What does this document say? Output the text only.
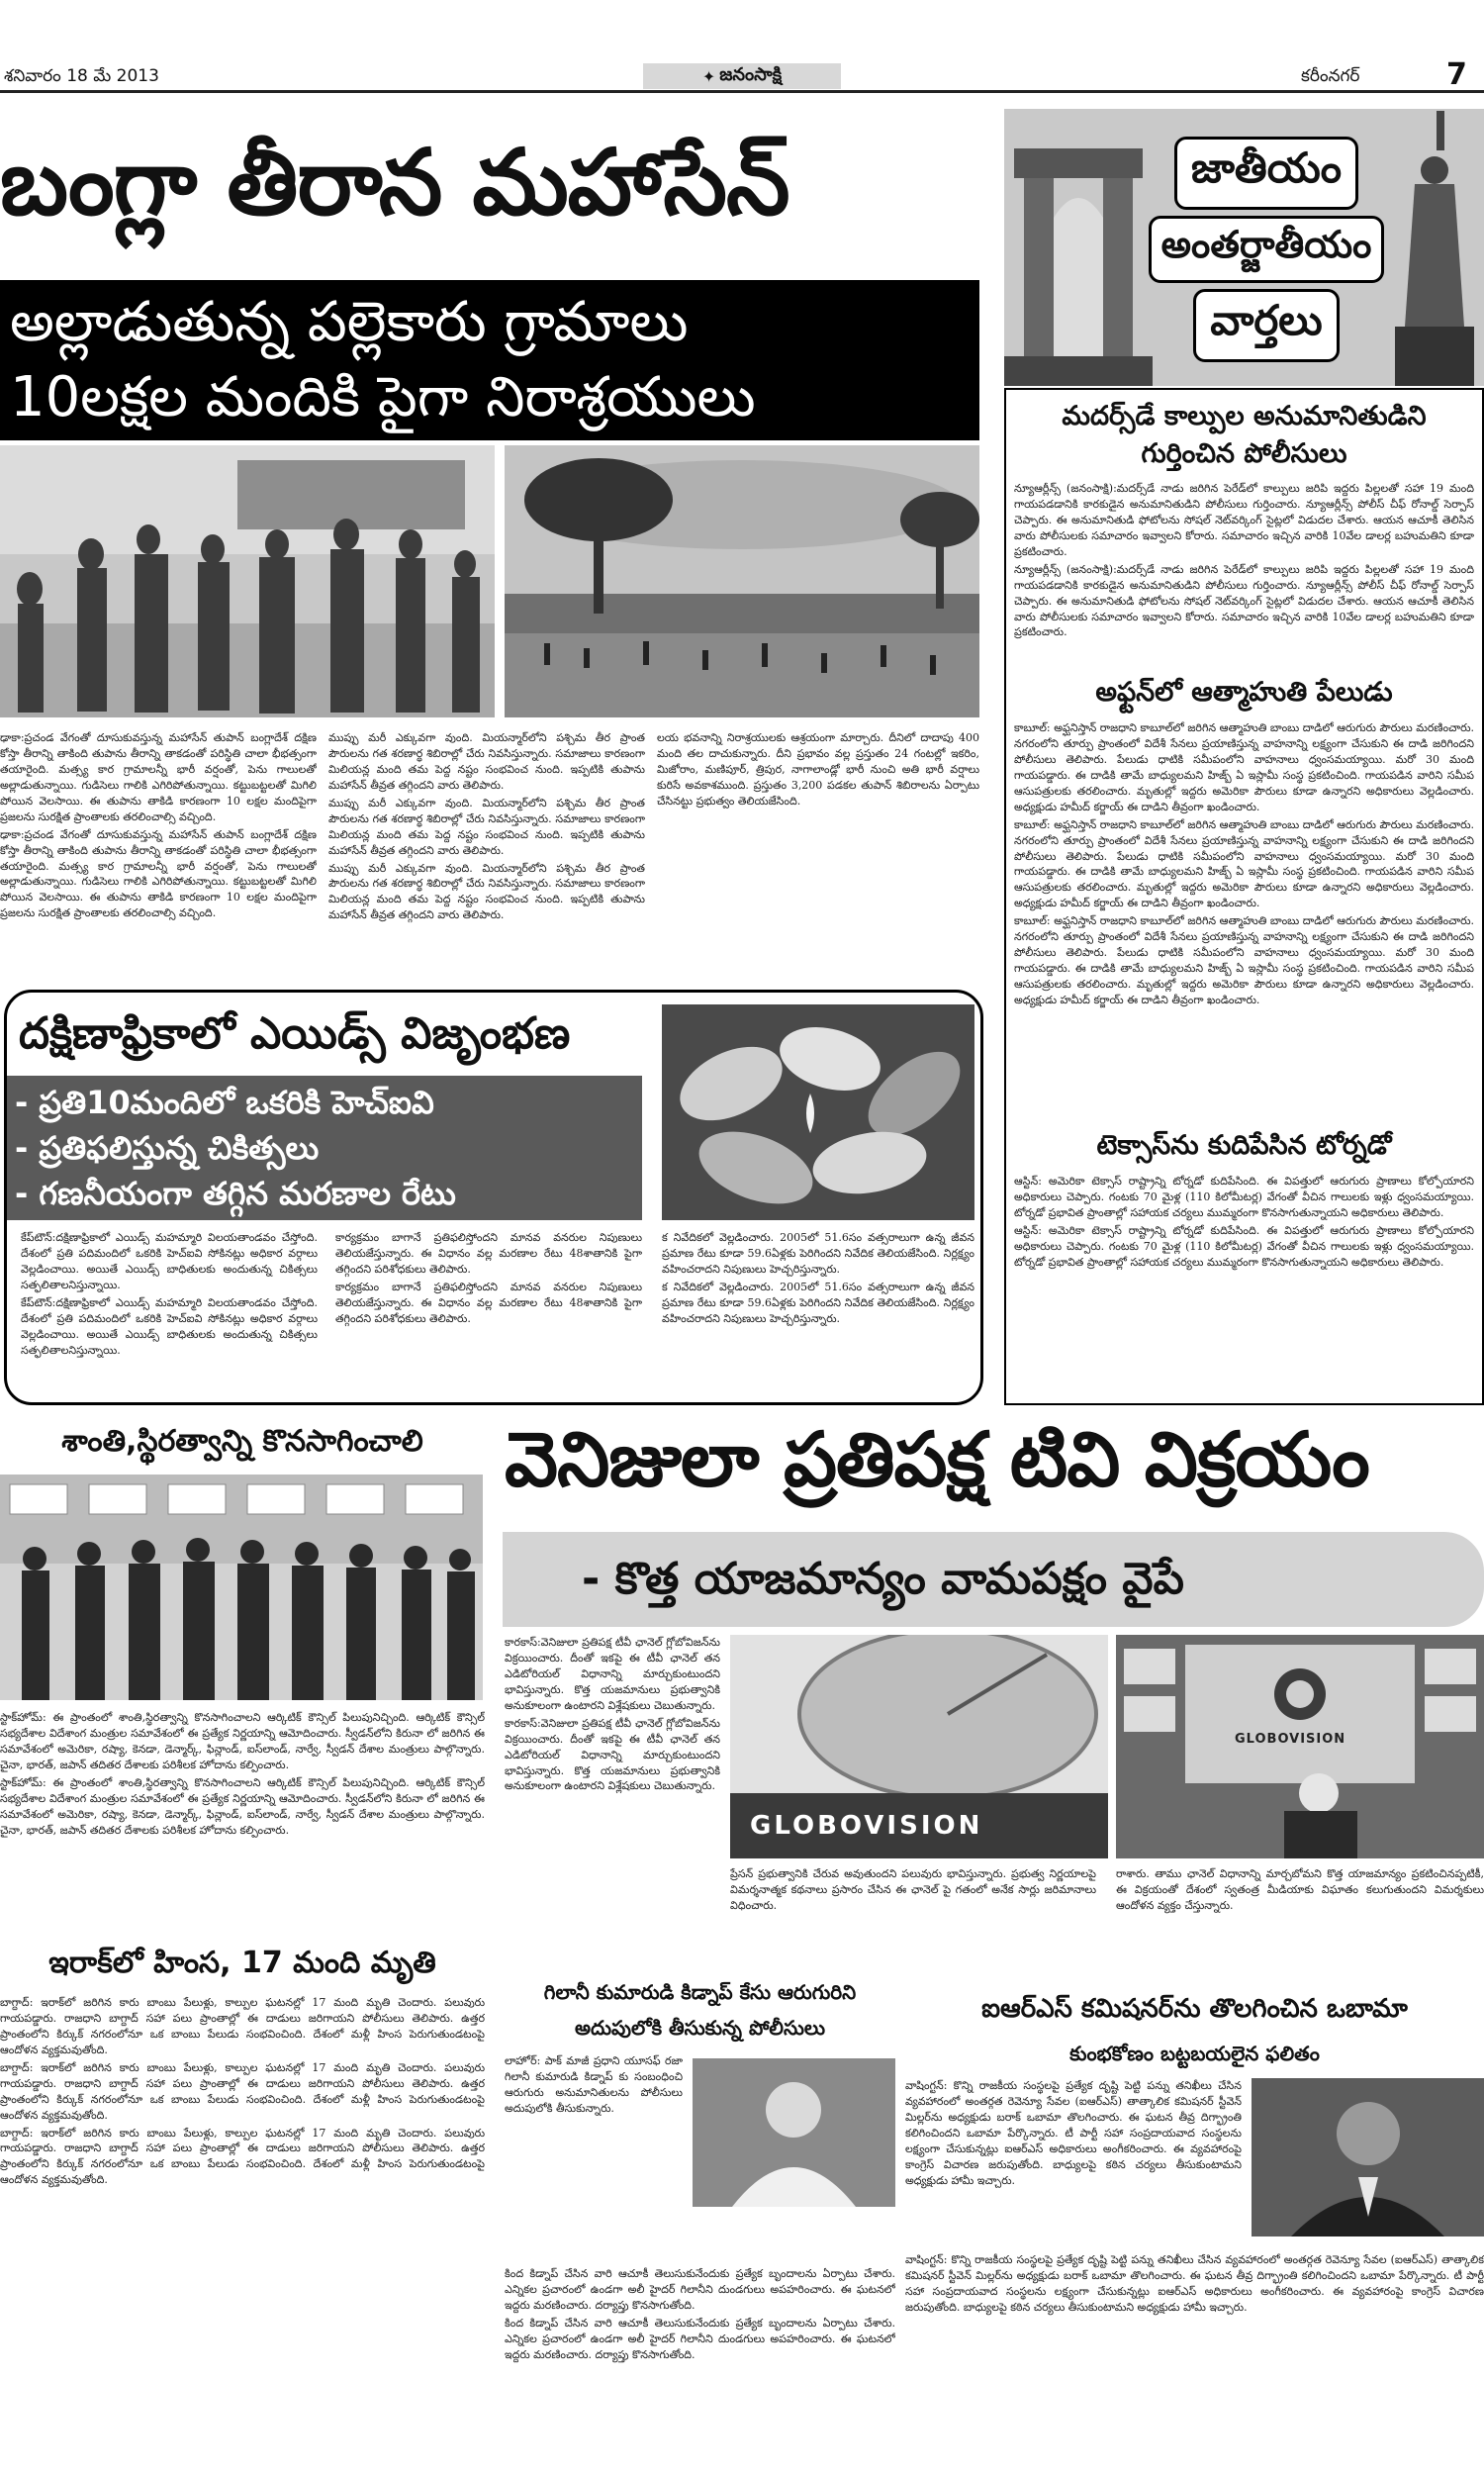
శనివారం 18 మే 2013	✦ జనంసాక్షి	కరీంనగర్	7
బంగ్లా తీరాన మహాసేన్
అల్లాడుతున్న పల్లెకారు గ్రామాలు
10లక్షల మందికి పైగా నిరాశ్రయులు
ఢాకా:ప్రచండ వేగంతో దూసుకువస్తున్న మహాసేన్ తుపాన్ బంగ్లాదేశ్ దక్షిణ కోస్తా తీరాన్ని తాకింది తుపాను తీరాన్ని తాకడంతో పరిస్థితి చాలా భీభత్సంగా తయారైంది. మత్స్య కార గ్రామాలన్నీ భారీ వర్షంతో, పెను గాలులతో అల్లాడుతున్నాయి. గుడిసెలు గాలికి ఎగిరిపోతున్నాయి. కట్టుబట్టలతో మిగిలి పోయిన వెలసాయి. ఈ తుపాను తాకిడి కారణంగా 10 లక్షల మందిపైగా ప్రజలను సురక్షిత ప్రాంతాలకు తరలించాల్సి వచ్చింది.
ఢాకా:ప్రచండ వేగంతో దూసుకువస్తున్న మహాసేన్ తుపాన్ బంగ్లాదేశ్ దక్షిణ కోస్తా తీరాన్ని తాకింది తుపాను తీరాన్ని తాకడంతో పరిస్థితి చాలా భీభత్సంగా తయారైంది. మత్స్య కార గ్రామాలన్నీ భారీ వర్షంతో, పెను గాలులతో అల్లాడుతున్నాయి. గుడిసెలు గాలికి ఎగిరిపోతున్నాయి. కట్టుబట్టలతో మిగిలి పోయిన వెలసాయి. ఈ తుపాను తాకిడి కారణంగా 10 లక్షల మందిపైగా ప్రజలను సురక్షిత ప్రాంతాలకు తరలించాల్సి వచ్చింది.
ముప్పు మరీ ఎక్కువగా వుంది. మియన్మార్‌లోని పశ్చిమ తీర ప్రాంత పౌరులను గత శరణార్థ శిబిరాల్లో చేరు నివసిస్తున్నారు. సమాజాలు కారణంగా మిలియన్ల మంది తమ పెద్ద నష్టం సంభవించ నుంది. ఇప్పటికి తుపాను మహాసేన్ తీవ్రత తగ్గిందని వారు తెలిపారు.
ముప్పు మరీ ఎక్కువగా వుంది. మియన్మార్‌లోని పశ్చిమ తీర ప్రాంత పౌరులను గత శరణార్థ శిబిరాల్లో చేరు నివసిస్తున్నారు. సమాజాలు కారణంగా మిలియన్ల మంది తమ పెద్ద నష్టం సంభవించ నుంది. ఇప్పటికి తుపాను మహాసేన్ తీవ్రత తగ్గిందని వారు తెలిపారు.
ముప్పు మరీ ఎక్కువగా వుంది. మియన్మార్‌లోని పశ్చిమ తీర ప్రాంత పౌరులను గత శరణార్థ శిబిరాల్లో చేరు నివసిస్తున్నారు. సమాజాలు కారణంగా మిలియన్ల మంది తమ పెద్ద నష్టం సంభవించ నుంది. ఇప్పటికి తుపాను మహాసేన్ తీవ్రత తగ్గిందని వారు తెలిపారు.
లయ భవనాన్ని నిరాశ్రయులకు ఆశ్రయంగా మార్చారు. దీనిలో దాదాపు 400 మంది తల దాచుకున్నారు. దీని ప్రభావం వల్ల ప్రస్తుతం 24 గంటల్లో ఇకరిం, మిజోరాం, మణిపూర్, త్రిపుర, నాగాలాండ్లో భారీ నుంచి అతి భారీ వర్షాలు కురిసే అవకాశముంది. ప్రస్తుతం 3,200 పడకల తుపాన్ శిబిరాలను ఏర్పాటు చేసినట్టు ప్రభుత్వం తెలియజేసింది.
జాతీయం అంతర్జాతీయం వార్తలు
మదర్స్‌డే కాల్పుల అనుమానితుడిని
గుర్తించిన పోలీసులు
న్యూఆర్లీన్స్ (జనంసాక్షి):మదర్స్‌డే నాడు జరిగిన పెరేడ్‌లో కాల్పులు జరిపి ఇద్దరు పిల్లలతో సహా 19 మంది గాయపడడానికి కారకుడైన అనుమానితుడిని పోలీసులు గుర్తించారు. న్యూఆర్లీన్స్ పోలీస్ చీఫ్ రోనాల్డ్ సెర్పాస్ చెప్పారు. ఈ అనుమానితుడి ఫోటోలను సోషల్ నెట్‌వర్కింగ్ సైట్లలో విడుదల చేశారు. ఆయన ఆచూకీ తెలిసిన వారు పోలీసులకు సమాచారం ఇవ్వాలని కోరారు. సమాచారం ఇచ్చిన వారికి 10వేల డాలర్ల బహుమతిని కూడా ప్రకటించారు.
న్యూఆర్లీన్స్ (జనంసాక్షి):మదర్స్‌డే నాడు జరిగిన పెరేడ్‌లో కాల్పులు జరిపి ఇద్దరు పిల్లలతో సహా 19 మంది గాయపడడానికి కారకుడైన అనుమానితుడిని పోలీసులు గుర్తించారు. న్యూఆర్లీన్స్ పోలీస్ చీఫ్ రోనాల్డ్ సెర్పాస్ చెప్పారు. ఈ అనుమానితుడి ఫోటోలను సోషల్ నెట్‌వర్కింగ్ సైట్లలో విడుదల చేశారు. ఆయన ఆచూకీ తెలిసిన వారు పోలీసులకు సమాచారం ఇవ్వాలని కోరారు. సమాచారం ఇచ్చిన వారికి 10వేల డాలర్ల బహుమతిని కూడా ప్రకటించారు.
అఫ్టన్‌లో ఆత్మాహుతి పేలుడు
కాబూల్: అఫ్ఘనిస్తాన్ రాజధాని కాబూల్‌లో జరిగిన ఆత్మాహుతి బాంబు దాడిలో ఆరుగురు పౌరులు మరణించారు. నగరంలోని తూర్పు ప్రాంతంలో విదేశీ సేనలు ప్రయాణిస్తున్న వాహనాన్ని లక్ష్యంగా చేసుకుని ఈ దాడి జరిగిందని పోలీసులు తెలిపారు. పేలుడు ధాటికి సమీపంలోని వాహనాలు ధ్వంసమయ్యాయి. మరో 30 మంది గాయపడ్డారు. ఈ దాడికి తామే బాధ్యులమని హిజ్బ్ ఏ ఇస్లామీ సంస్థ ప్రకటించింది. గాయపడిన వారిని సమీప ఆసుపత్రులకు తరలించారు. మృతుల్లో ఇద్దరు అమెరికా పౌరులు కూడా ఉన్నారని అధికారులు వెల్లడించారు. అధ్యక్షుడు హమీద్ కర్జాయ్ ఈ దాడిని తీవ్రంగా ఖండించారు.
కాబూల్: అఫ్ఘనిస్తాన్ రాజధాని కాబూల్‌లో జరిగిన ఆత్మాహుతి బాంబు దాడిలో ఆరుగురు పౌరులు మరణించారు. నగరంలోని తూర్పు ప్రాంతంలో విదేశీ సేనలు ప్రయాణిస్తున్న వాహనాన్ని లక్ష్యంగా చేసుకుని ఈ దాడి జరిగిందని పోలీసులు తెలిపారు. పేలుడు ధాటికి సమీపంలోని వాహనాలు ధ్వంసమయ్యాయి. మరో 30 మంది గాయపడ్డారు. ఈ దాడికి తామే బాధ్యులమని హిజ్బ్ ఏ ఇస్లామీ సంస్థ ప్రకటించింది. గాయపడిన వారిని సమీప ఆసుపత్రులకు తరలించారు. మృతుల్లో ఇద్దరు అమెరికా పౌరులు కూడా ఉన్నారని అధికారులు వెల్లడించారు. అధ్యక్షుడు హమీద్ కర్జాయ్ ఈ దాడిని తీవ్రంగా ఖండించారు.
కాబూల్: అఫ్ఘనిస్తాన్ రాజధాని కాబూల్‌లో జరిగిన ఆత్మాహుతి బాంబు దాడిలో ఆరుగురు పౌరులు మరణించారు. నగరంలోని తూర్పు ప్రాంతంలో విదేశీ సేనలు ప్రయాణిస్తున్న వాహనాన్ని లక్ష్యంగా చేసుకుని ఈ దాడి జరిగిందని పోలీసులు తెలిపారు. పేలుడు ధాటికి సమీపంలోని వాహనాలు ధ్వంసమయ్యాయి. మరో 30 మంది గాయపడ్డారు. ఈ దాడికి తామే బాధ్యులమని హిజ్బ్ ఏ ఇస్లామీ సంస్థ ప్రకటించింది. గాయపడిన వారిని సమీప ఆసుపత్రులకు తరలించారు. మృతుల్లో ఇద్దరు అమెరికా పౌరులు కూడా ఉన్నారని అధికారులు వెల్లడించారు. అధ్యక్షుడు హమీద్ కర్జాయ్ ఈ దాడిని తీవ్రంగా ఖండించారు.
టెక్సాస్‌ను కుదిపేసిన టోర్నడో
ఆస్టిన్: అమెరికా టెక్సాస్ రాష్ట్రాన్ని టోర్నడో కుదిపేసింది. ఈ విపత్తులో ఆరుగురు ప్రాణాలు కోల్పోయారని అధికారులు చెప్పారు. గంటకు 70 మైళ్ల (110 కిలోమీటర్ల) వేగంతో వీచిన గాలులకు ఇళ్లు ధ్వంసమయ్యాయి. టోర్నడో ప్రభావిత ప్రాంతాల్లో సహాయక చర్యలు ముమ్మరంగా కొనసాగుతున్నాయని అధికారులు తెలిపారు.
ఆస్టిన్: అమెరికా టెక్సాస్ రాష్ట్రాన్ని టోర్నడో కుదిపేసింది. ఈ విపత్తులో ఆరుగురు ప్రాణాలు కోల్పోయారని అధికారులు చెప్పారు. గంటకు 70 మైళ్ల (110 కిలోమీటర్ల) వేగంతో వీచిన గాలులకు ఇళ్లు ధ్వంసమయ్యాయి. టోర్నడో ప్రభావిత ప్రాంతాల్లో సహాయక చర్యలు ముమ్మరంగా కొనసాగుతున్నాయని అధికారులు తెలిపారు.
దక్షిణాఫ్రికాలో ఎయిడ్స్ విజృంభణ
- ప్రతి10మందిలో ఒకరికి హెచ్ఐవి
- ప్రతిఫలిస్తున్న చికిత్సలు
- గణనీయంగా తగ్గిన మరణాల రేటు
కేప్‌టౌన్:దక్షిణాఫ్రికాలో ఎయిడ్స్ మహమ్మారి విలయతాండవం చేస్తోంది. దేశంలో ప్రతి పదిమందిలో ఒకరికి హెచ్ఐవి సోకినట్లు అధికార వర్గాలు వెల్లడించాయి. అయితే ఎయిడ్స్ బాధితులకు అందుతున్న చికిత్సలు సత్ఫలితాలనిస్తున్నాయి.
కేప్‌టౌన్:దక్షిణాఫ్రికాలో ఎయిడ్స్ మహమ్మారి విలయతాండవం చేస్తోంది. దేశంలో ప్రతి పదిమందిలో ఒకరికి హెచ్ఐవి సోకినట్లు అధికార వర్గాలు వెల్లడించాయి. అయితే ఎయిడ్స్ బాధితులకు అందుతున్న చికిత్సలు సత్ఫలితాలనిస్తున్నాయి.
కార్యక్రమం బాగానే ప్రతిఫలిస్తోందని మానవ వనరుల నిపుణులు తెలియజేస్తున్నారు. ఈ విధానం వల్ల మరణాల రేటు 48శాతానికి పైగా తగ్గిందని పరిశోధకులు తెలిపారు.
కార్యక్రమం బాగానే ప్రతిఫలిస్తోందని మానవ వనరుల నిపుణులు తెలియజేస్తున్నారు. ఈ విధానం వల్ల మరణాల రేటు 48శాతానికి పైగా తగ్గిందని పరిశోధకులు తెలిపారు.
క నివేదికలో వెల్లడించారు. 2005లో 51.6సం వత్సరాలుగా ఉన్న జీవన ప్రమాణ రేటు కూడా 59.6ఏళ్లకు పెరిగిందని నివేదిక తెలియజేసింది. నిర్లక్ష్యం వహించరాదని నిపుణులు హెచ్చరిస్తున్నారు.
క నివేదికలో వెల్లడించారు. 2005లో 51.6సం వత్సరాలుగా ఉన్న జీవన ప్రమాణ రేటు కూడా 59.6ఏళ్లకు పెరిగిందని నివేదిక తెలియజేసింది. నిర్లక్ష్యం వహించరాదని నిపుణులు హెచ్చరిస్తున్నారు.
శాంతి,స్థిరత్వాన్ని కొనసాగించాలి
స్టాక్‌హోమ్: ఈ ప్రాంతంలో శాంతి,స్థిరత్వాన్ని కొనసాగించాలని ఆర్కిటిక్ కౌన్సిల్ పిలుపునిచ్చింది. ఆర్కిటిక్ కౌన్సిల్ సభ్యదేశాల విదేశాంగ మంత్రుల సమావేశంలో ఈ ప్రత్యేక నిర్ణయాన్ని ఆమోదించారు. స్వీడన్‌లోని కిరునా లో జరిగిన ఈ సమావేశంలో అమెరికా, రష్యా, కెనడా, డెన్మార్క్, ఫిన్లాండ్, ఐస్‌లాండ్, నార్వే, స్వీడన్ దేశాల మంత్రులు పాల్గొన్నారు. చైనా, భారత్, జపాన్ తదితర దేశాలకు పరిశీలక హోదాను కల్పించారు.
స్టాక్‌హోమ్: ఈ ప్రాంతంలో శాంతి,స్థిరత్వాన్ని కొనసాగించాలని ఆర్కిటిక్ కౌన్సిల్ పిలుపునిచ్చింది. ఆర్కిటిక్ కౌన్సిల్ సభ్యదేశాల విదేశాంగ మంత్రుల సమావేశంలో ఈ ప్రత్యేక నిర్ణయాన్ని ఆమోదించారు. స్వీడన్‌లోని కిరునా లో జరిగిన ఈ సమావేశంలో అమెరికా, రష్యా, కెనడా, డెన్మార్క్, ఫిన్లాండ్, ఐస్‌లాండ్, నార్వే, స్వీడన్ దేశాల మంత్రులు పాల్గొన్నారు. చైనా, భారత్, జపాన్ తదితర దేశాలకు పరిశీలక హోదాను కల్పించారు.
ఇరాక్‌లో హింస, 17 మంది మృతి
బాగ్దాద్: ఇరాక్‌లో జరిగిన కారు బాంబు పేలుళ్లు, కాల్పుల ఘటనల్లో 17 మంది మృతి చెందారు. పలువురు గాయపడ్డారు. రాజధాని బాగ్దాద్ సహా పలు ప్రాంతాల్లో ఈ దాడులు జరిగాయని పోలీసులు తెలిపారు. ఉత్తర ప్రాంతంలోని కిర్కుక్ నగరంలోనూ ఒక బాంబు పేలుడు సంభవించింది. దేశంలో మళ్లీ హింస పెరుగుతుండటంపై ఆందోళన వ్యక్తమవుతోంది.
బాగ్దాద్: ఇరాక్‌లో జరిగిన కారు బాంబు పేలుళ్లు, కాల్పుల ఘటనల్లో 17 మంది మృతి చెందారు. పలువురు గాయపడ్డారు. రాజధాని బాగ్దాద్ సహా పలు ప్రాంతాల్లో ఈ దాడులు జరిగాయని పోలీసులు తెలిపారు. ఉత్తర ప్రాంతంలోని కిర్కుక్ నగరంలోనూ ఒక బాంబు పేలుడు సంభవించింది. దేశంలో మళ్లీ హింస పెరుగుతుండటంపై ఆందోళన వ్యక్తమవుతోంది.
బాగ్దాద్: ఇరాక్‌లో జరిగిన కారు బాంబు పేలుళ్లు, కాల్పుల ఘటనల్లో 17 మంది మృతి చెందారు. పలువురు గాయపడ్డారు. రాజధాని బాగ్దాద్ సహా పలు ప్రాంతాల్లో ఈ దాడులు జరిగాయని పోలీసులు తెలిపారు. ఉత్తర ప్రాంతంలోని కిర్కుక్ నగరంలోనూ ఒక బాంబు పేలుడు సంభవించింది. దేశంలో మళ్లీ హింస పెరుగుతుండటంపై ఆందోళన వ్యక్తమవుతోంది.
వెనిజులా ప్రతిపక్ష టివి విక్రయం
- కొత్త యాజమాన్యం వామపక్షం వైపే
GLOBOVISION
GLOBOVISION
కారకాస్:వెనిజులా ప్రతిపక్ష టీవీ ఛానెల్ గ్లోబోవిజన్‌ను విక్రయించారు. దీంతో ఇకపై ఈ టీవీ ఛానెల్ తన ఎడిటోరియల్ విధానాన్ని మార్చుకుంటుందని భావిస్తున్నారు. కొత్త యజమానులు ప్రభుత్వానికి అనుకూలంగా ఉంటారని విశ్లేషకులు చెబుతున్నారు.
కారకాస్:వెనిజులా ప్రతిపక్ష టీవీ ఛానెల్ గ్లోబోవిజన్‌ను విక్రయించారు. దీంతో ఇకపై ఈ టీవీ ఛానెల్ తన ఎడిటోరియల్ విధానాన్ని మార్చుకుంటుందని భావిస్తున్నారు. కొత్త యజమానులు ప్రభుత్వానికి అనుకూలంగా ఉంటారని విశ్లేషకులు చెబుతున్నారు.
ప్రేసన్ ప్రభుత్వానికి చేరువ అవుతుందని పలువురు భావిస్తున్నారు. ప్రభుత్వ నిర్ణయాలపై విమర్శనాత్మక కథనాలు ప్రసారం చేసిన ఈ ఛానెల్ పై గతంలో అనేక సార్లు జరిమానాలు విధించారు.
రాశారు. తాము ఛానెల్ విధానాన్ని మార్చబోమని కొత్త యాజమాన్యం ప్రకటించినప్పటికీ, ఈ విక్రయంతో దేశంలో స్వతంత్ర మీడియాకు విఘాతం కలుగుతుందని విమర్శకులు ఆందోళన వ్యక్తం చేస్తున్నారు.
గిలానీ కుమారుడి కిడ్నాప్ కేసు ఆరుగురిని
అదుపులోకి తీసుకున్న పోలీసులు
లాహోర్: పాక్ మాజీ ప్రధాని యూసఫ్ రజా గిలానీ కుమారుడి కిడ్నాప్ కు సంబంధించి ఆరుగురు అనుమానితులను పోలీసులు అదుపులోకి తీసుకున్నారు.
కింద కిడ్నాప్ చేసిన వారి ఆచూకీ తెలుసుకునేందుకు ప్రత్యేక బృందాలను ఏర్పాటు చేశారు. ఎన్నికల ప్రచారంలో ఉండగా అలీ హైదర్ గిలానీని దుండగులు అపహరించారు. ఈ ఘటనలో ఇద్దరు మరణించారు. దర్యాప్తు కొనసాగుతోంది.
కింద కిడ్నాప్ చేసిన వారి ఆచూకీ తెలుసుకునేందుకు ప్రత్యేక బృందాలను ఏర్పాటు చేశారు. ఎన్నికల ప్రచారంలో ఉండగా అలీ హైదర్ గిలానీని దుండగులు అపహరించారు. ఈ ఘటనలో ఇద్దరు మరణించారు. దర్యాప్తు కొనసాగుతోంది.
ఐఆర్ఎస్ కమిషనర్‌ను తొలగించిన ఒబామా
కుంభకోణం బట్టబయలైన ఫలితం
వాషింగ్టన్: కొన్ని రాజకీయ సంస్థలపై ప్రత్యేక దృష్టి పెట్టి పన్ను తనిఖీలు చేసిన వ్యవహారంలో అంతర్గత రెవెన్యూ సేవల (ఐఆర్ఎస్) తాత్కాలిక కమిషనర్ స్టీవెన్ మిల్లర్‌ను అధ్యక్షుడు బరాక్ ఒబామా తొలగించారు. ఈ ఘటన తీవ్ర దిగ్భ్రాంతి కలిగించిందని ఒబామా పేర్కొన్నారు. టీ పార్టీ సహా సంప్రదాయవాద సంస్థలను లక్ష్యంగా చేసుకున్నట్లు ఐఆర్ఎస్ అధికారులు అంగీకరించారు. ఈ వ్యవహారంపై కాంగ్రెస్ విచారణ జరుపుతోంది. బాధ్యులపై కఠిన చర్యలు తీసుకుంటామని అధ్యక్షుడు హామీ ఇచ్చారు.
వాషింగ్టన్: కొన్ని రాజకీయ సంస్థలపై ప్రత్యేక దృష్టి పెట్టి పన్ను తనిఖీలు చేసిన వ్యవహారంలో అంతర్గత రెవెన్యూ సేవల (ఐఆర్ఎస్) తాత్కాలిక కమిషనర్ స్టీవెన్ మిల్లర్‌ను అధ్యక్షుడు బరాక్ ఒబామా తొలగించారు. ఈ ఘటన తీవ్ర దిగ్భ్రాంతి కలిగించిందని ఒబామా పేర్కొన్నారు. టీ పార్టీ సహా సంప్రదాయవాద సంస్థలను లక్ష్యంగా చేసుకున్నట్లు ఐఆర్ఎస్ అధికారులు అంగీకరించారు. ఈ వ్యవహారంపై కాంగ్రెస్ విచారణ జరుపుతోంది. బాధ్యులపై కఠిన చర్యలు తీసుకుంటామని అధ్యక్షుడు హామీ ఇచ్చారు.
